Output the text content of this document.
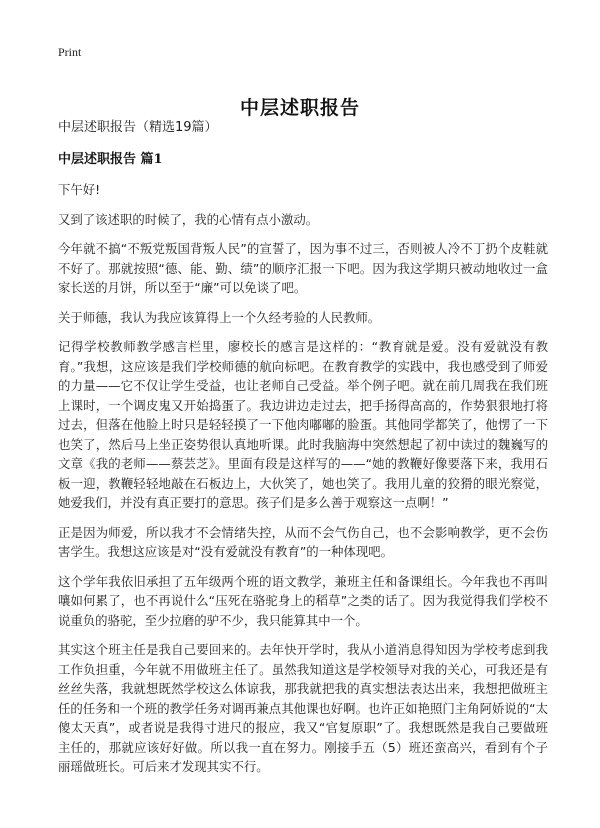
Print
中层述职报告
中层述职报告（精选19篇）
中层述职报告 篇1

下午好!

又到了该述职的时候了，我的心情有点小激动。

今年就不搞“不叛党叛国背叛人民”的宣誓了，因为事不过三，否则被人冷不丁扔个皮鞋就不好了。那就按照“德、能、勤、绩”的顺序汇报一下吧。因为我这学期只被动地收过一盒家长送的月饼，所以至于“廉”可以免谈了吧。

关于师德，我认为我应该算得上一个久经考验的人民教师。

记得学校教师教学感言栏里，廖校长的感言是这样的：“教育就是爱。没有爱就没有教育。”我想，这应该是我们学校师德的航向标吧。在教育教学的实践中，我也感受到了师爱的力量——它不仅让学生受益，也让老师自己受益。举个例子吧。就在前几周我在我们班上课时，一个调皮鬼又开始捣蛋了。我边讲边走过去，把手扬得高高的，作势狠狠地打将过去，但落在他脸上时只是轻轻摸了一下他肉嘟嘟的脸蛋。其他同学都笑了，他愣了一下也笑了，然后马上坐正姿势很认真地听课。此时我脑海中突然想起了初中读过的魏巍写的文章《我的老师——蔡芸芝》。里面有段是这样写的——“她的教鞭好像要落下来，我用石板一迎，教鞭轻轻地敲在石板边上，大伙笑了，她也笑了。我用儿童的狡猾的眼光察觉，她爱我们，并没有真正要打的意思。孩子们是多么善于观察这一点啊！”

正是因为师爱，所以我才不会情绪失控，从而不会气伤自己，也不会影响教学，更不会伤害学生。我想这应该是对“没有爱就没有教育”的一种体现吧。

这个学年我依旧承担了五年级两个班的语文教学，兼班主任和备课组长。今年我也不再叫嚷如何累了，也不再说什么“压死在骆驼身上的稻草”之类的话了。因为我觉得我们学校不说重负的骆驼，至少拉磨的驴不少，我只能算其中一个。

其实这个班主任是我自己要回来的。去年快开学时，我从小道消息得知因为学校考虑到我工作负担重，今年就不用做班主任了。虽然我知道这是学校领导对我的关心，可我还是有丝丝失落，我就想既然学校这么体谅我，那我就把我的真实想法表达出来，我想把做班主任的任务和一个班的教学任务对调再兼点其他课也好啊。也许正如艳照门主角阿娇说的“太傻太天真”，或者说是我得寸进尺的报应，我又“官复原职”了。我想既然是我自己要做班主任的，那就应该好好做。所以我一直在努力。刚接手五（5）班还蛮高兴，看到有个子丽瑶做班长。可后来才发现其实不行。
